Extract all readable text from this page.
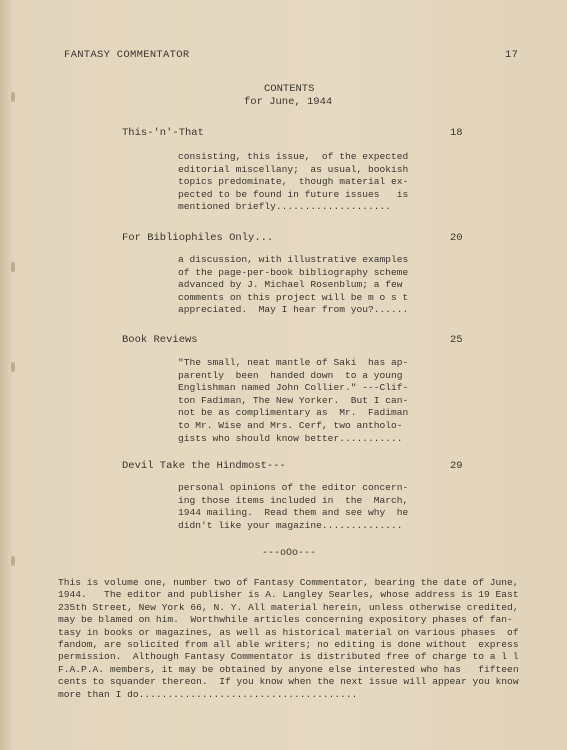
FANTASY COMMENTATOR	17
CONTENTS
for June, 1944
This-'n'-That	18
consisting, this issue,  of the expected
editorial miscellany;  as usual, bookish
topics predominate,  though material ex-
pected to be found in future issues   is
mentioned briefly....................
For Bibliophiles Only...	20
a discussion, with illustrative examples
of the page-per-book bibliography scheme
advanced by J. Michael Rosenblum; a few
comments on this project will be m o s t
appreciated.  May I hear from you?......
Book Reviews	25
"The small, neat mantle of Saki  has ap-
parently  been  handed down  to a young
Englishman named John Collier." ---Clif-
ton Fadiman, The New Yorker.  But I can-
not be as complimentary as  Mr.  Fadiman
to Mr. Wise and Mrs. Cerf, two antholo-
gists who should know better...........
Devil Take the Hindmost---	29
personal opinions of the editor concern-
ing those items included in  the  March,
1944 mailing.  Read them and see why  he
didn't like your magazine..............
---oOo---
This is volume one, number two of Fantasy Commentator, bearing the date of June,
1944.   The editor and publisher is A. Langley Searles, whose address is 19 East
235th Street, New York 66, N. Y. All material herein, unless otherwise credited,
may be blamed on him.  Worthwhile articles concerning expository phases of fan-
tasy in books or magazines, as well as historical material on various phases  of
fandom, are solicited from all able writers; no editing is done without  express
permission.  Although Fantasy Commentator is distributed free of charge to a l l
F.A.P.A. members, it may be obtained by anyone else interested who has   fifteen
cents to squander thereon.  If you know when the next issue will appear you know
more than I do......................................
